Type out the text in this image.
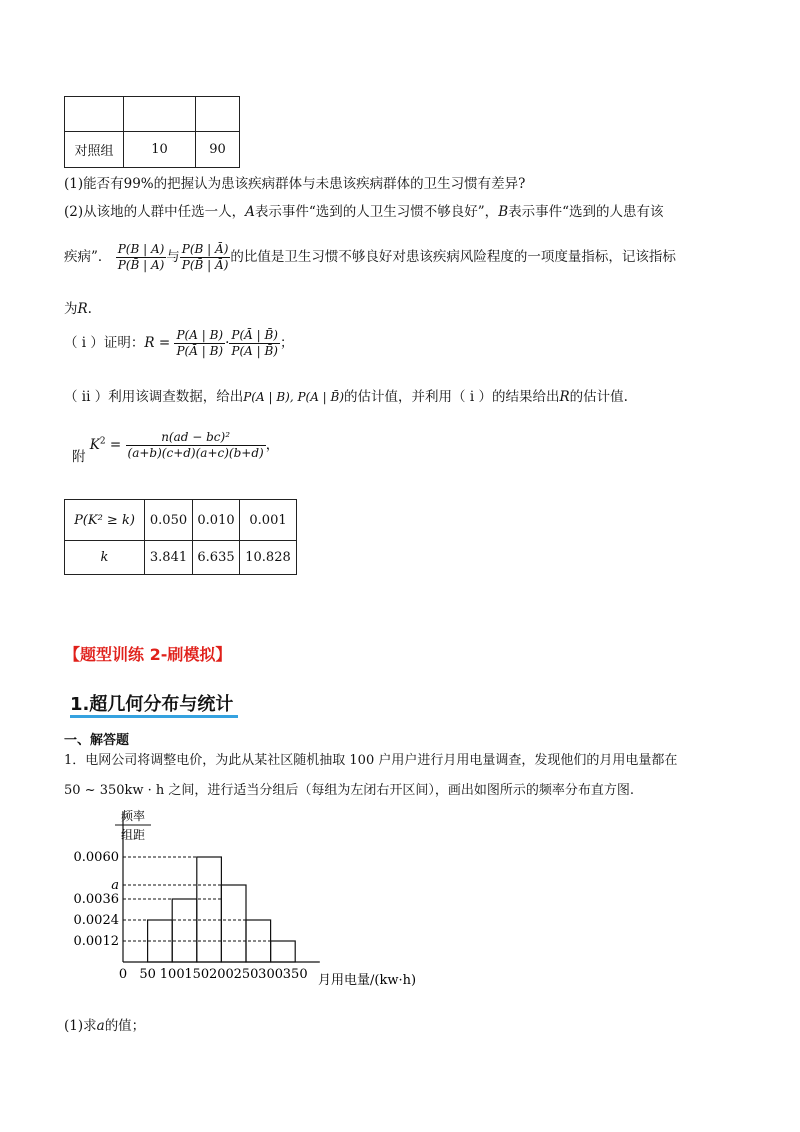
对照组	10	90
(1)能否有99%的把握认为患该疾病群体与未患该疾病群体的卫生习惯有差异?
(2)从该地的人群中任选一人，A表示事件“选到的人卫生习惯不够良好”，B表示事件“选到的人患有该
疾病”． $\frac{P(B | A)}{P(B̄ | A)}$ 与 $\frac{P(B | Ā)}{P(B̄ | Ā)}$ 的比值是卫生习惯不够良好对患该疾病风险程度的一项度量指标，记该指标
为R.
（ i ）证明：$R = \frac{P(A | B)}{P(Ā | B)} \cdot \frac{P(Ā | B̄)}{P(A | B̄)}$ ；
（ ii ）利用该调查数据，给出P(A | B), P(A | B̄)的估计值，并利用（ i ）的结果给出R的估计值.
附 $K^2 = \frac{\text{n(ad − bc)²}}{(a+b)(c+d)(a+c)(b+d)}$ ，
P(K² ≥ k)	0.050	0.010	0.001
k	3.841	6.635	10.828
【题型训练 2-刷模拟】
1.超几何分布与统计
一、解答题
1．电网公司将调整电价，为此从某社区随机抽取 100 户用户进行月用电量调查，发现他们的月用电量都在
50 ~ 350kw · h 之间，进行适当分组后（每组为左闭右开区间），画出如图所示的频率分布直方图.
频率
组距
0.0060
a
0.0036
0.0024
0.0012
0 50 100 150 200 250 300 350 月用电量/(kw·h)
(1)求a的值；
